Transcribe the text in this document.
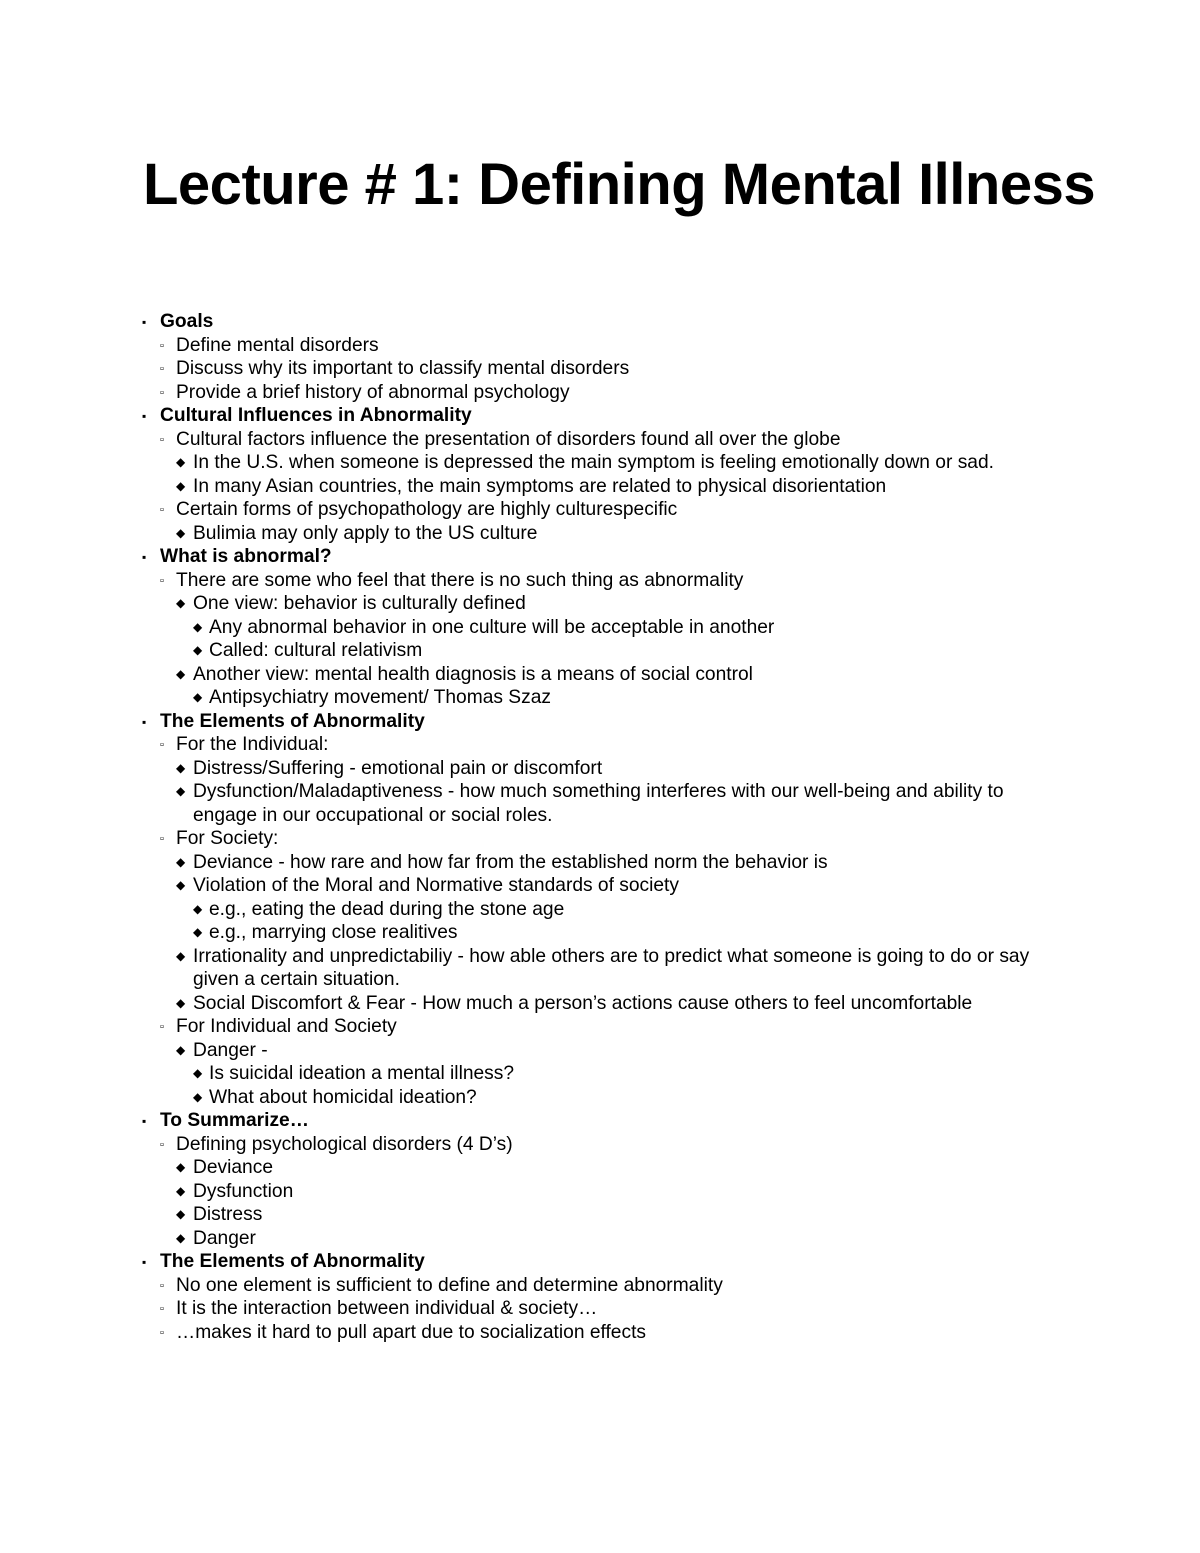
Lecture # 1: Defining Mental Illness
▪ Goals
▫ Define mental disorders
▫ Discuss why its important to classify mental disorders
▫ Provide a brief history of abnormal psychology
▪ Cultural Influences in Abnormality
▫ Cultural factors influence the presentation of disorders found all over the globe
◆ In the U.S. when someone is depressed the main symptom is feeling emotionally down or sad.
◆ In many Asian countries, the main symptoms are related to physical disorientation
▫ Certain forms of psychopathology are highly culturespecific
◆ Bulimia may only apply to the US culture
▪ What is abnormal?
▫ There are some who feel that there is no such thing as abnormality
◆ One view: behavior is culturally defined
◆ Any abnormal behavior in one culture will be acceptable in another
◆ Called: cultural relativism
◆ Another view: mental health diagnosis is a means of social control
◆ Antipsychiatry movement/ Thomas Szaz
▪ The Elements of Abnormality
▫ For the Individual:
◆ Distress/Suffering - emotional pain or discomfort
◆ Dysfunction/Maladaptiveness - how much something interferes with our well-being and ability to engage in our occupational or social roles.
▫ For Society:
◆ Deviance - how rare and how far from the established norm the behavior is
◆ Violation of the Moral and Normative standards of society
◆ e.g., eating the dead during the stone age
◆ e.g., marrying close realitives
◆ Irrationality and unpredictabiliy - how able others are to predict what someone is going to do or say given a certain situation.
◆ Social Discomfort & Fear - How much a person’s actions cause others to feel uncomfortable
▫ For Individual and Society
◆ Danger -
◆ Is suicidal ideation a mental illness?
◆ What about homicidal ideation?
▪ To Summarize…
▫ Defining psychological disorders (4 D’s)
◆ Deviance
◆ Dysfunction
◆ Distress
◆ Danger
▪ The Elements of Abnormality
▫ No one element is sufficient to define and determine abnormality
▫ It is the interaction between individual & society…
▫ …makes it hard to pull apart due to socialization effects
